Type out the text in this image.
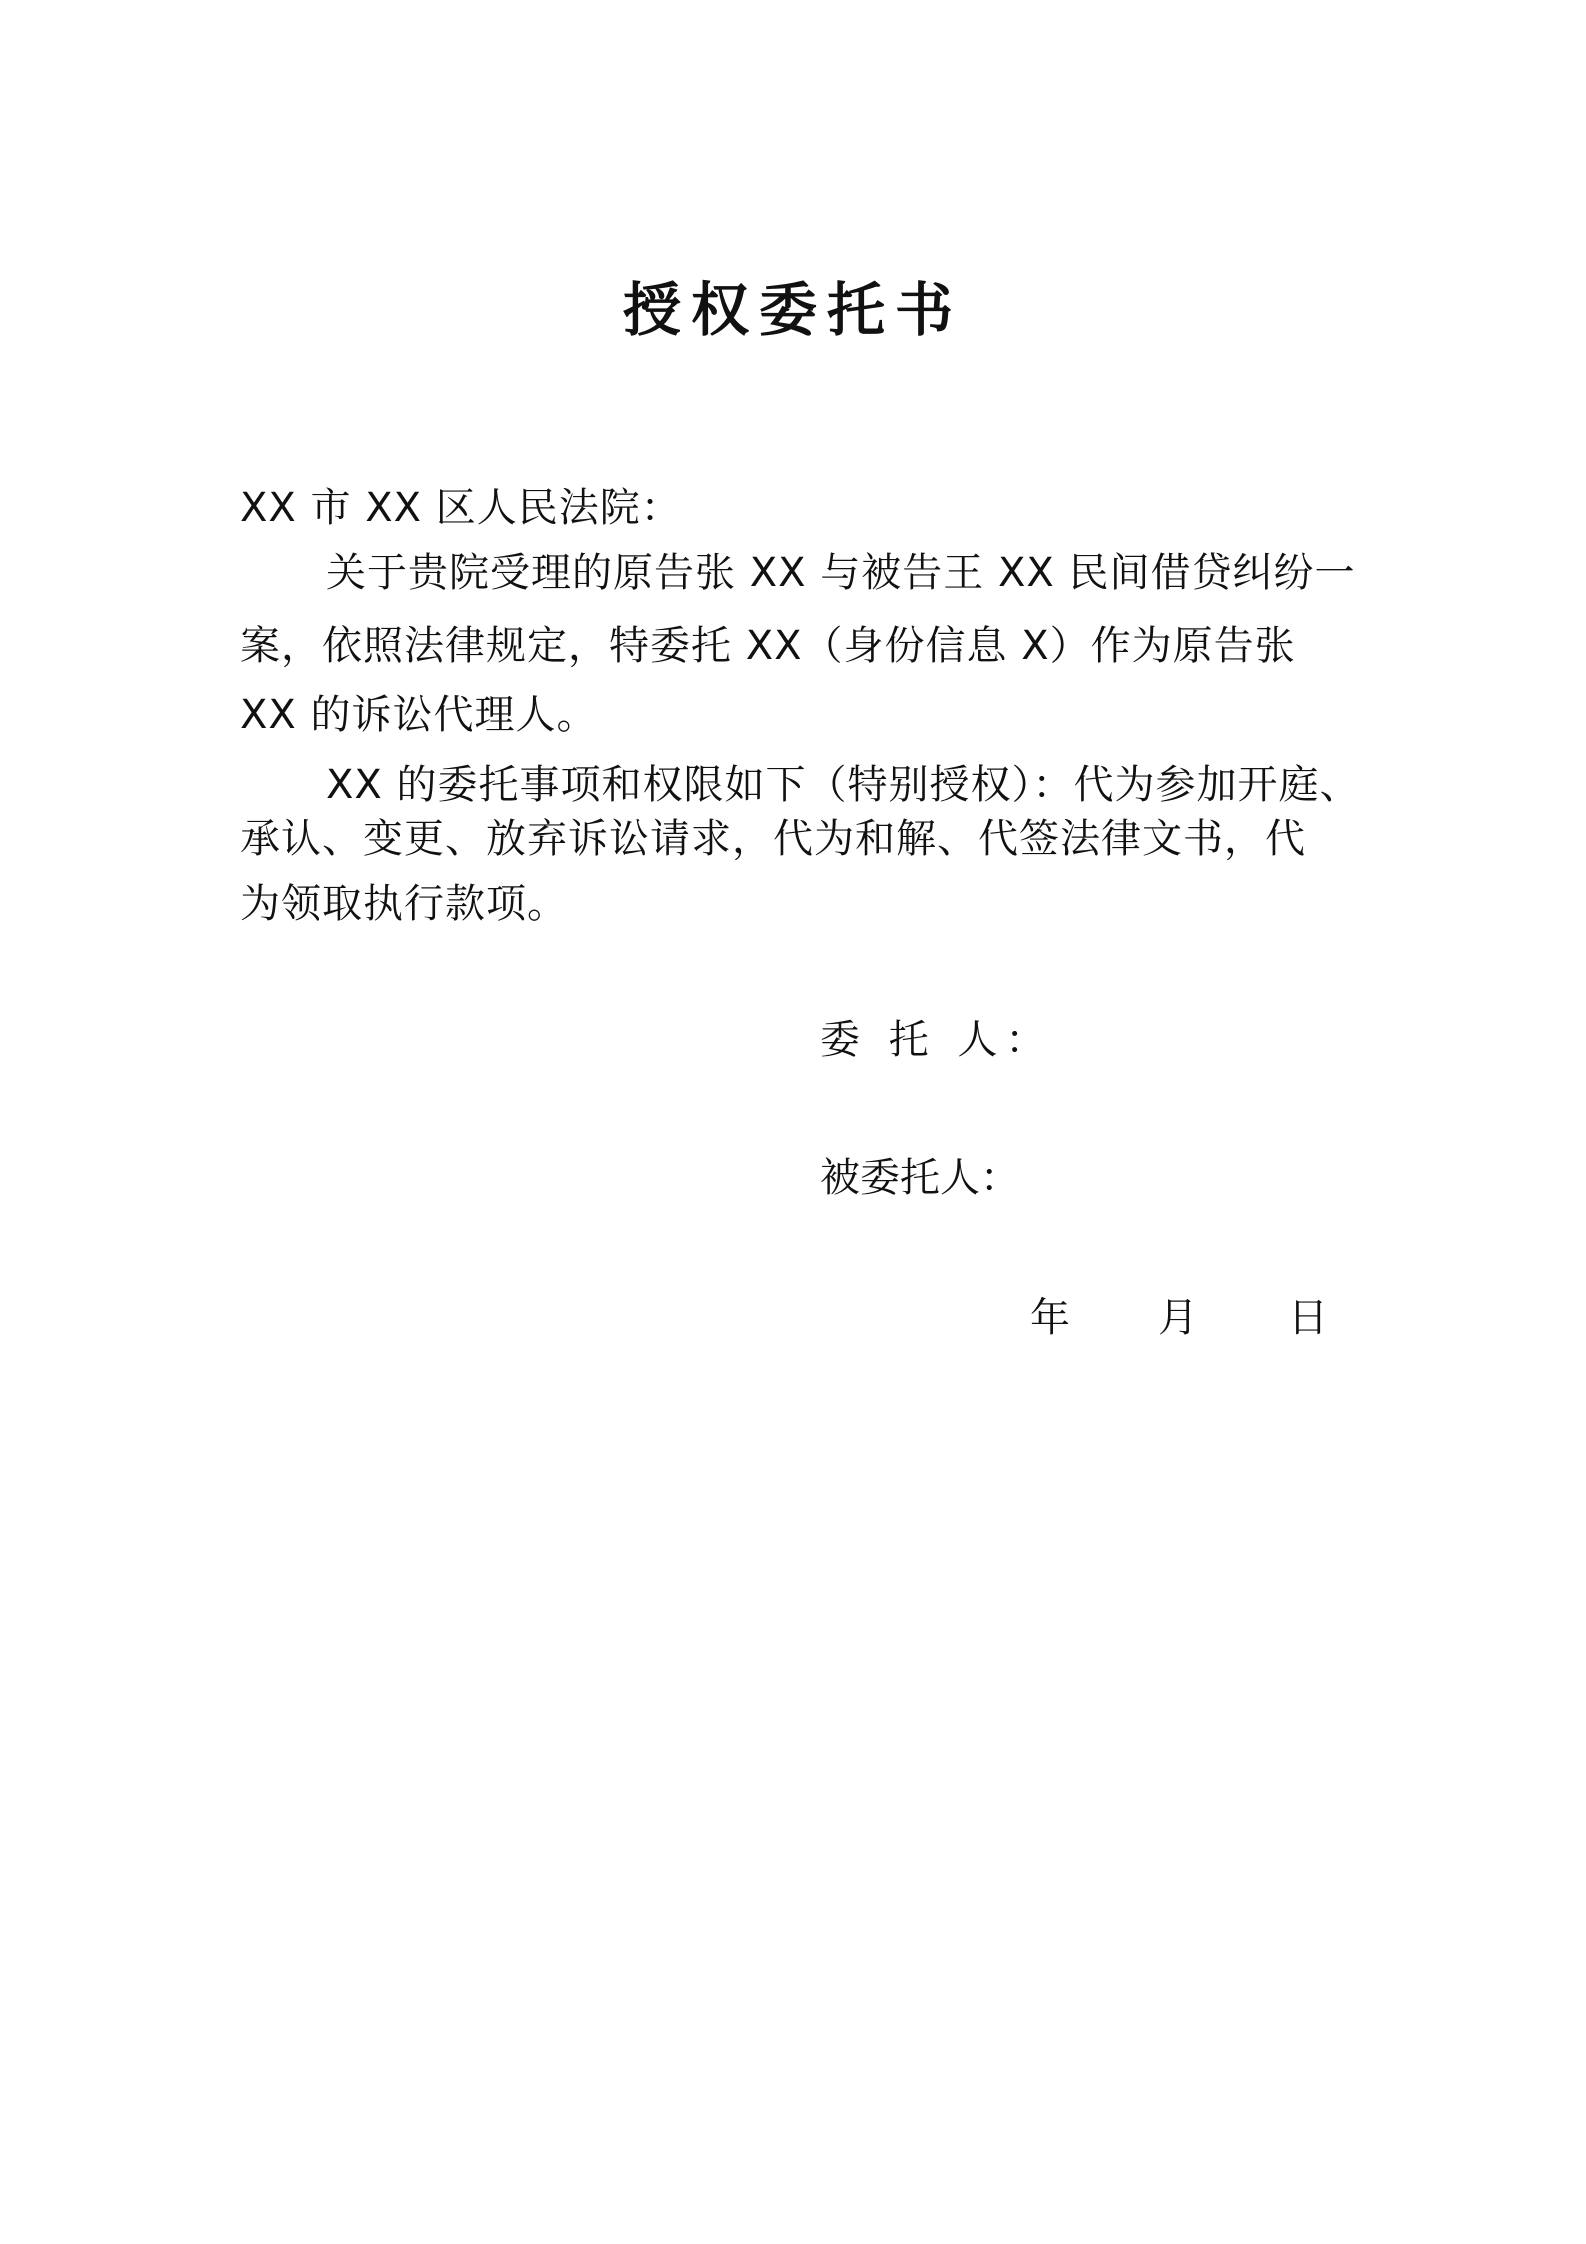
授权委托书
XX 市 XX 区人民法院：
关于贵院受理的原告张 XX 与被告王 XX 民间借贷纠纷一
案，依照法律规定，特委托 XX（身份信息 X）作为原告张
XX 的诉讼代理人。
XX 的委托事项和权限如下（特别授权）：代为参加开庭、
承认、变更、放弃诉讼请求，代为和解、代签法律文书，代
为领取执行款项。
委 托 人：
被委托人：
年 月 日
